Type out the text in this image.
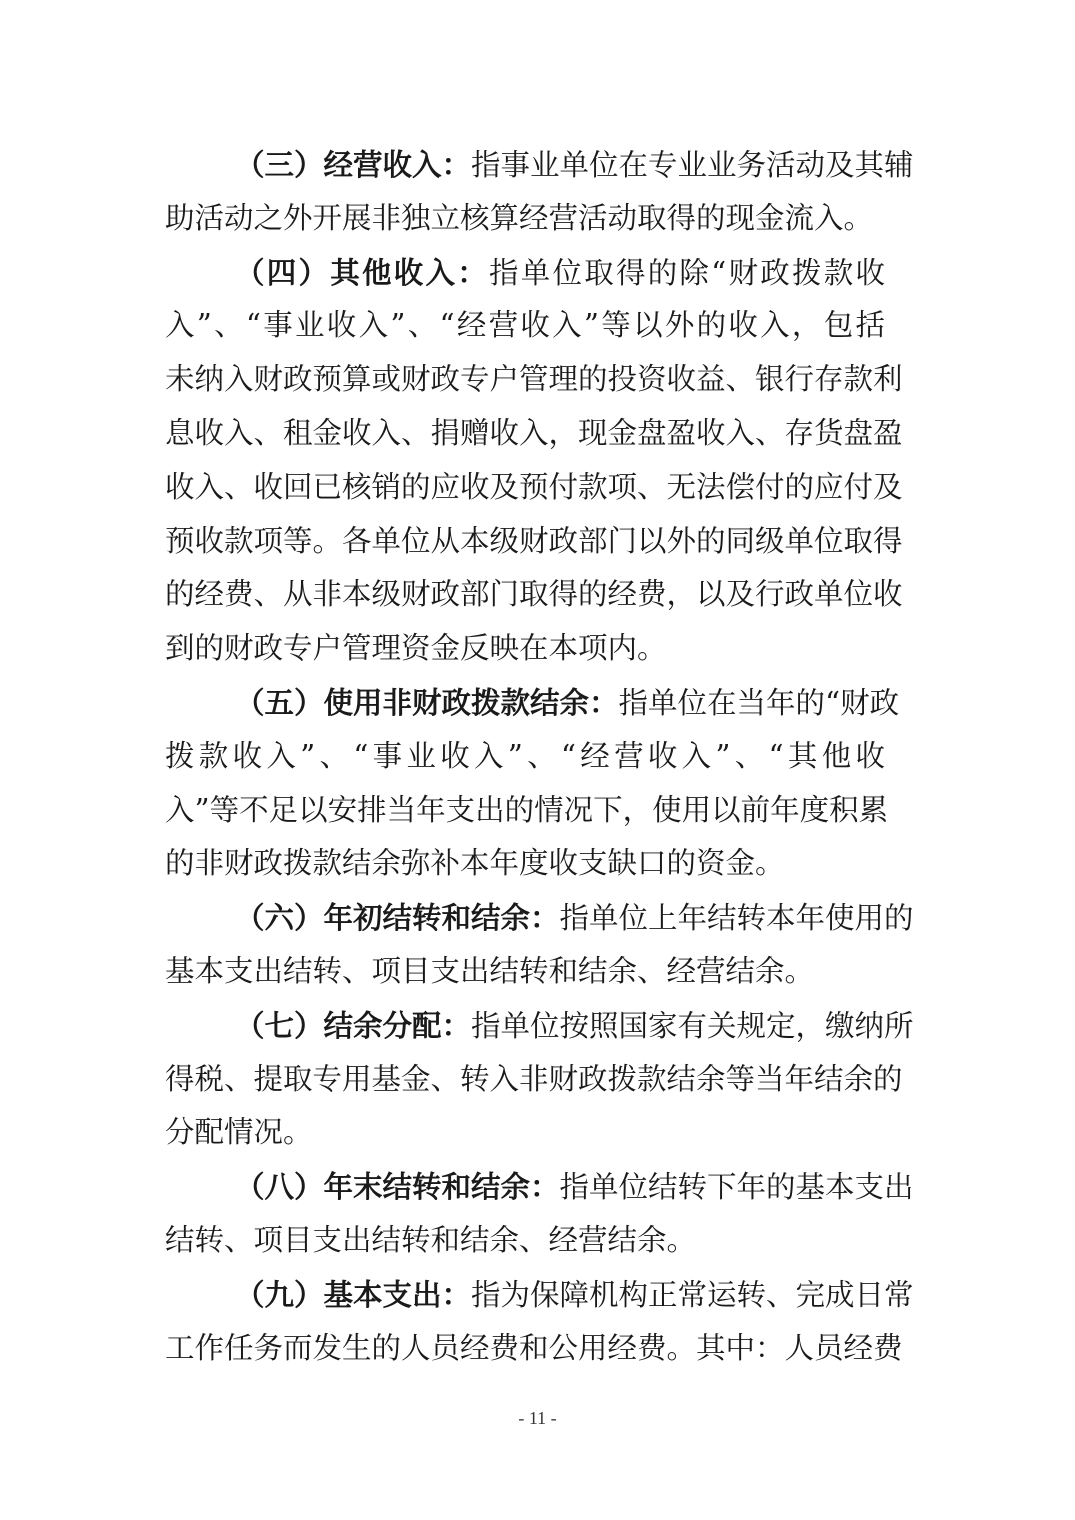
（三）经营收入：指事业单位在专业业务活动及其辅
助活动之外开展非独立核算经营活动取得的现金流入。
（四）其他收入：指单位取得的除“财政拨款收
入”、“事业收入”、“经营收入”等以外的收入，包括
未纳入财政预算或财政专户管理的投资收益、银行存款利
息收入、租金收入、捐赠收入，现金盘盈收入、存货盘盈
收入、收回已核销的应收及预付款项、无法偿付的应付及
预收款项等。各单位从本级财政部门以外的同级单位取得
的经费、从非本级财政部门取得的经费，以及行政单位收
到的财政专户管理资金反映在本项内。
（五）使用非财政拨款结余：指单位在当年的“财政
拨款收入”、“事业收入”、“经营收入”、“其他收
入”等不足以安排当年支出的情况下，使用以前年度积累
的非财政拨款结余弥补本年度收支缺口的资金。
（六）年初结转和结余：指单位上年结转本年使用的
基本支出结转、项目支出结转和结余、经营结余。
（七）结余分配：指单位按照国家有关规定，缴纳所
得税、提取专用基金、转入非财政拨款结余等当年结余的
分配情况。
（八）年末结转和结余：指单位结转下年的基本支出
结转、项目支出结转和结余、经营结余。
（九）基本支出：指为保障机构正常运转、完成日常
工作任务而发生的人员经费和公用经费。其中：人员经费
- 11 -
